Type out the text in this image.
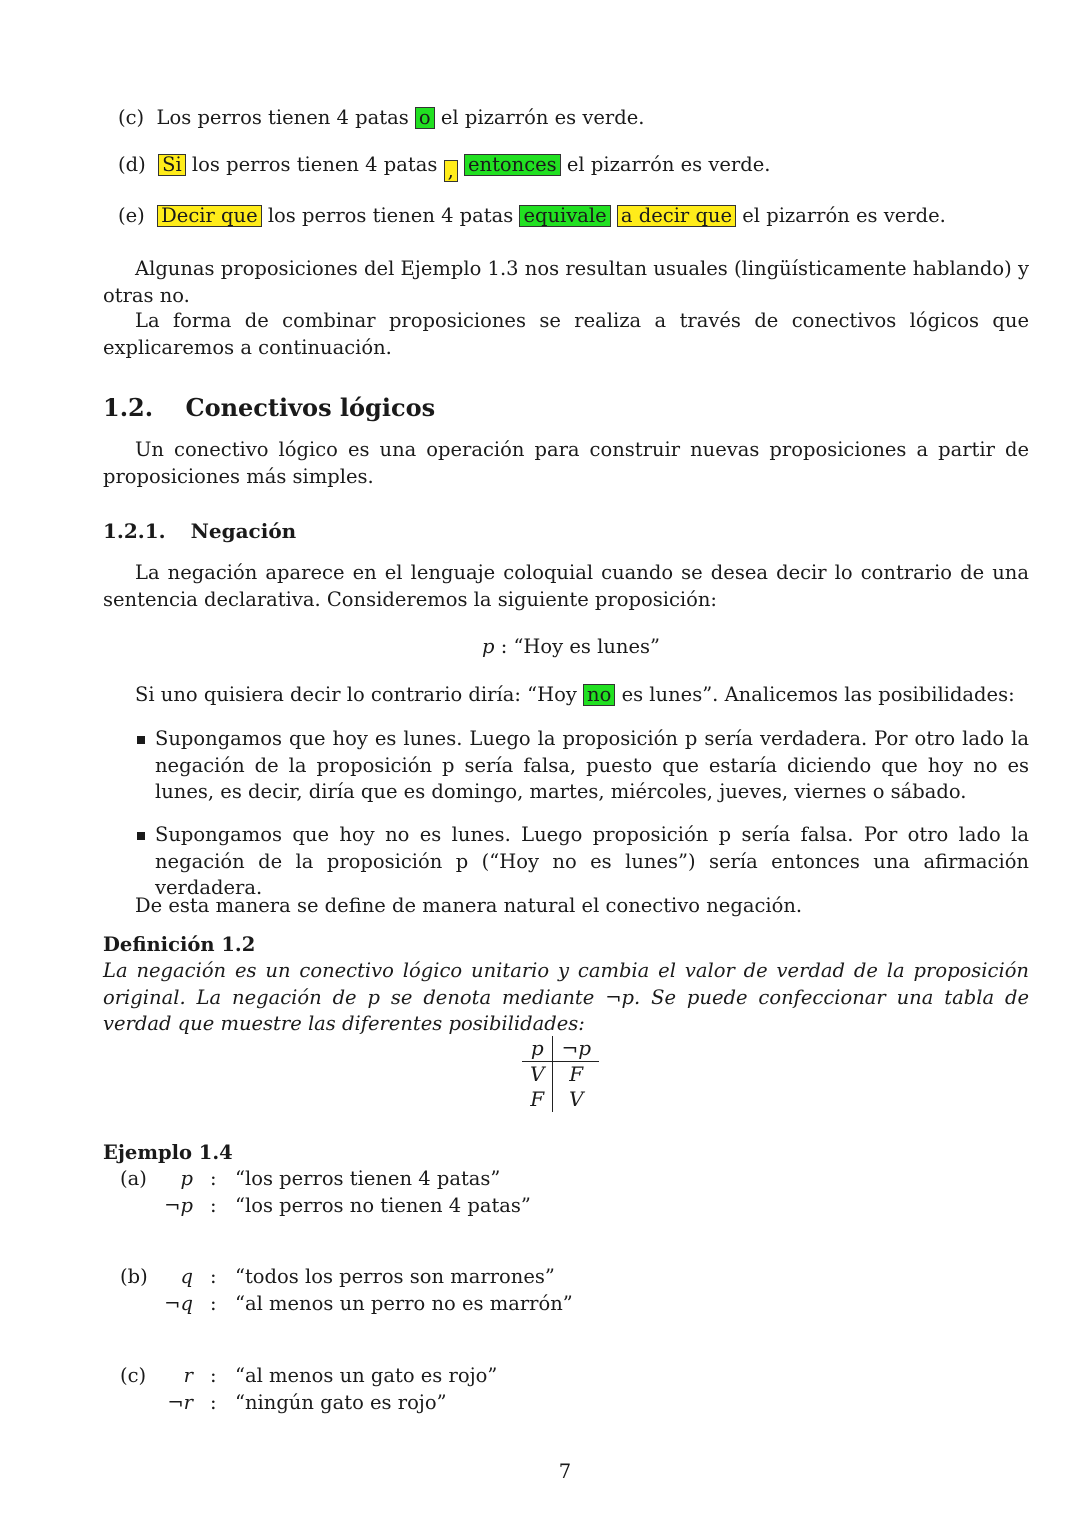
(c) Los perros tienen 4 patas o el pizarrón es verde.
(d) Si los perros tienen 4 patas , entonces el pizarrón es verde.
(e) Decir que los perros tienen 4 patas equivale a decir que el pizarrón es verde.

Algunas proposiciones del Ejemplo 1.3 nos resultan usuales (lingüísticamente hablando) y otras no.

La forma de combinar proposiciones se realiza a través de conectivos lógicos que explicaremos a continuación.

1.2. Conectivos lógicos

Un conectivo lógico es una operación para construir nuevas proposiciones a partir de proposiciones más simples.

1.2.1. Negación

La negación aparece en el lenguaje coloquial cuando se desea decir lo contrario de una sentencia declarativa. Consideremos la siguiente proposición:

p : “Hoy es lunes”
Si uno quisiera decir lo contrario diría: “Hoy no es lunes”. Analicemos las posibilidades:

Supongamos que hoy es lunes. Luego la proposición p sería verdadera. Por otro lado la negación de la proposición p sería falsa, puesto que estaría diciendo que hoy no es lunes, es decir, diría que es domingo, martes, miércoles, jueves, viernes o sábado.

Supongamos que hoy no es lunes. Luego proposición p sería falsa. Por otro lado la negación de la proposición p (“Hoy no es lunes”) sería entonces una afirmación verdadera.

De esta manera se define de manera natural el conectivo negación.

Definición 1.2

La negación es un conectivo lógico unitario y cambia el valor de verdad de la proposición original. La negación de p se denota mediante ¬p. Se puede confeccionar una tabla de verdad que muestre las diferentes posibilidades:

p	¬p
V	F
F	V
Ejemplo 1.4
(a)	p : “los perros tienen 4 patas”
¬p : “los perros no tienen 4 patas”
(b)	q : “todos los perros son marrones”
¬q : “al menos un perro no es marrón”
(c)	r : “al menos un gato es rojo”
¬r : “ningún gato es rojo”
7
